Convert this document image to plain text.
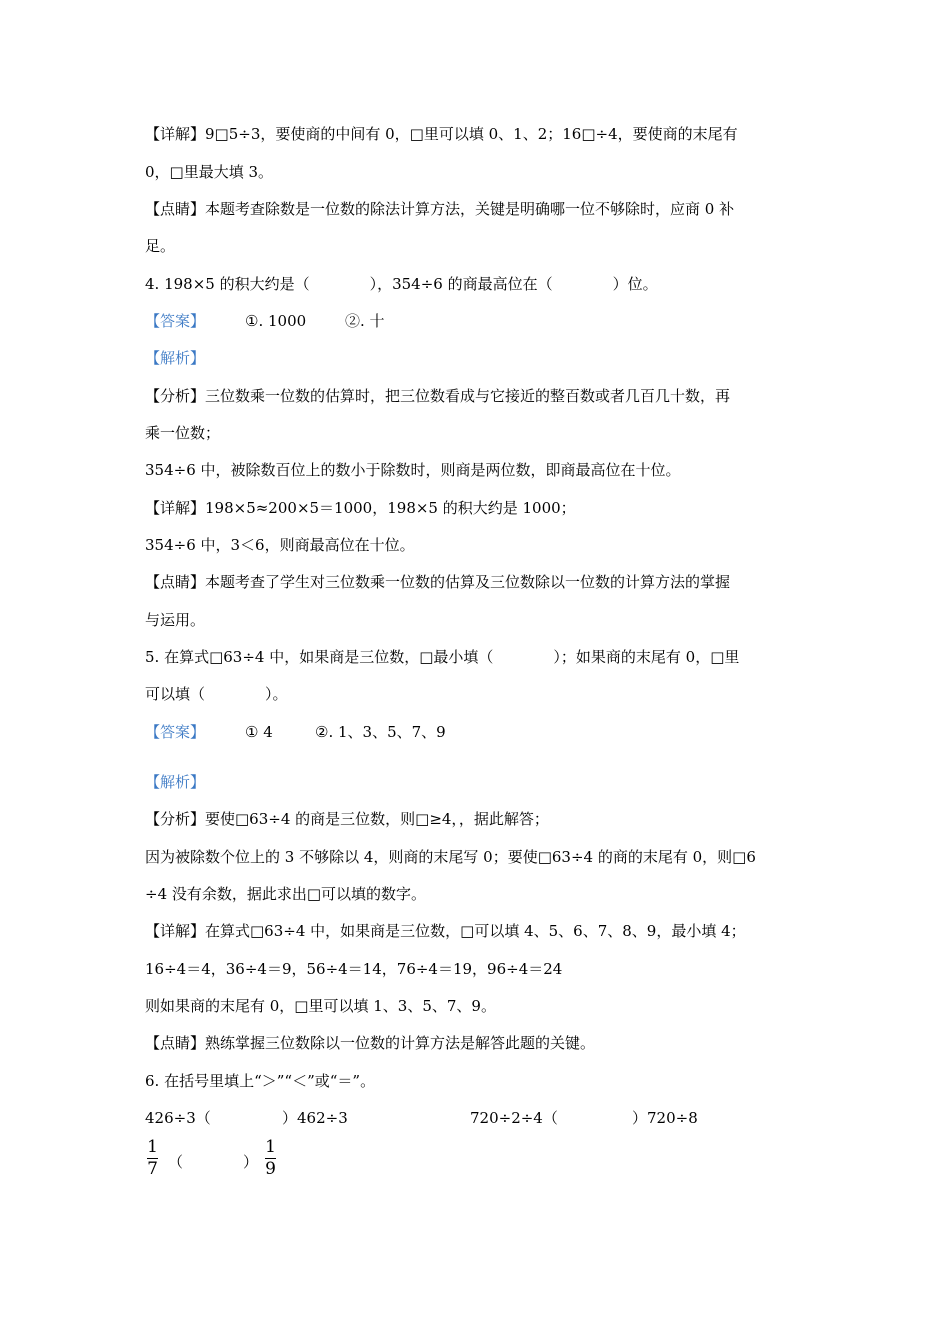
【详解】9□5÷3，要使商的中间有 0，□里可以填 0、1、2；16□÷4，要使商的末尾有
0，□里最大填 3。
【点睛】本题考查除数是一位数的除法计算方法，关键是明确哪一位不够除时，应商 0 补
足。
4. 198×5 的积大约是（　　　　），354÷6 的商最高位在（　　　　）位。
【答案】	①. 1000	②. 十
【解析】
【分析】三位数乘一位数的估算时，把三位数看成与它接近的整百数或者几百几十数，再
乘一位数；
354÷6 中，被除数百位上的数小于除数时，则商是两位数，即商最高位在十位。
【详解】198×5≈200×5＝1000，198×5 的积大约是 1000；
354÷6 中，3＜6，则商最高位在十位。
【点睛】本题考查了学生对三位数乘一位数的估算及三位数除以一位数的计算方法的掌握
与运用。
5. 在算式□63÷4 中，如果商是三位数，□最小填（　　　　）；如果商的末尾有 0，□里
可以填（　　　　）。
【答案】	① 4	②. 1、3、5、7、9
【解析】
【分析】要使□63÷4 的商是三位数，则□≥4，，据此解答；
因为被除数个位上的 3 不够除以 4，则商的末尾写 0；要使□63÷4 的商的末尾有 0，则□6
÷4 没有余数，据此求出□可以填的数字。
【详解】在算式□63÷4 中，如果商是三位数，□可以填 4、5、6、7、8、9，最小填 4；
16÷4＝4，36÷4＝9，56÷4＝14，76÷4＝19，96÷4＝24
则如果商的末尾有 0，□里可以填 1、3、5、7、9。
【点睛】熟练掌握三位数除以一位数的计算方法是解答此题的关键。
6. 在括号里填上“＞”“＜”或“＝”。
426÷3（	）462÷3	720÷2÷4（	）720÷8
1
7 （　　　　）
1
9
